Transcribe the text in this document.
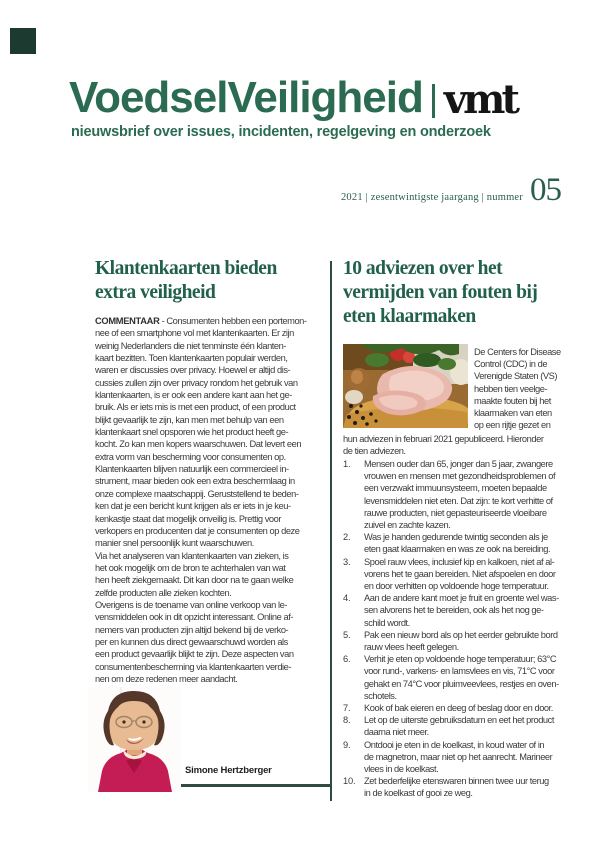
VoedselVeiligheid vmt
nieuwsbrief over issues, incidenten, regelgeving en onderzoek
2021 | zesentwintigste jaargang | nummer 05
Klantenkaarten bieden
extra veiligheid
COMMENTAAR - Consumenten hebben een portemon-
nee of een smartphone vol met klantenkaarten. Er zijn
weinig Nederlanders die niet tenminste één klanten-
kaart bezitten. Toen klantenkaarten populair werden,
waren er discussies over privacy. Hoewel er altijd dis-
cussies zullen zijn over privacy rondom het gebruik van
klantenkaarten, is er ook een andere kant aan het ge-
bruik. Als er iets mis is met een product, of een product
blijkt gevaarlijk te zijn, kan men met behulp van een
klantenkaart snel opsporen wie het product heeft ge-
kocht. Zo kan men kopers waarschuwen. Dat levert een
extra vorm van bescherming voor consumenten op.
Klantenkaarten blijven natuurlijk een commercieel in-
strument, maar bieden ook een extra beschermlaag in
onze complexe maatschappij. Geruststellend te beden-
ken dat je een bericht kunt krijgen als er iets in je keu-
kenkastje staat dat mogelijk onveilig is. Prettig voor
verkopers en producenten dat je consumenten op deze
manier snel persoonlijk kunt waarschuwen.
Via het analyseren van klantenkaarten van zieken, is
het ook mogelijk om de bron te achterhalen van wat
hen heeft ziekgemaakt. Dit kan door na te gaan welke
zelfde producten alle zieken kochten.
Overigens is de toename van online verkoop van le-
vensmiddelen ook in dit opzicht interessant. Online af-
nemers van producten zijn altijd bekend bij de verko-
per en kunnen dus direct gewaarschuwd worden als
een product gevaarlijk blijkt te zijn. Deze aspecten van
consumentenbescherming via klantenkaarten verdie-
nen om deze redenen meer aandacht.
Simone Hertzberger
10 adviezen over het
vermijden van fouten bij
eten klaarmaken
De Centers for Disease
Control (CDC) in de
Verenigde Staten (VS)
hebben tien veelge-
maakte fouten bij het
klaarmaken van eten
op een rijtje gezet en
hun adviezen in februari 2021 gepubliceerd. Hieronder
de tien adviezen.
1.	Mensen ouder dan 65, jonger dan 5 jaar, zwangere
vrouwen en mensen met gezondheidsproblemen of
een verzwakt immuunsysteem, moeten bepaalde
levensmiddelen niet eten. Dat zijn: te kort verhitte of
rauwe producten, niet gepasteuriseerde vloeibare
zuivel en zachte kazen.
2.	Was je handen gedurende twintig seconden als je
eten gaat klaarmaken en was ze ook na bereiding.
3.	Spoel rauw vlees, inclusief kip en kalkoen, niet af al-
vorens het te gaan bereiden. Niet afspoelen en door
en door verhitten op voldoende hoge temperatuur.
4.	Aan de andere kant moet je fruit en groente wel was-
sen alvorens het te bereiden, ook als het nog ge-
schild wordt.
5.	Pak een nieuw bord als op het eerder gebruikte bord
rauw vlees heeft gelegen.
6.	Verhit je eten op voldoende hoge temperatuur; 63°C
voor rund-, varkens- en lamsvlees en vis, 71°C voor
gehakt en 74°C voor pluimveevlees, restjes en oven-
schotels.
7.	Kook of bak eieren en deeg of beslag door en door.
8.	Let op de uiterste gebruiksdatum en eet het product
daarna niet meer.
9.	Ontdooi je eten in de koelkast, in koud water of in
de magnetron, maar niet op het aanrecht. Marineer
vlees in de koelkast.
10. Zet bederfelijke etenswaren binnen twee uur terug
in de koelkast of gooi ze weg.
